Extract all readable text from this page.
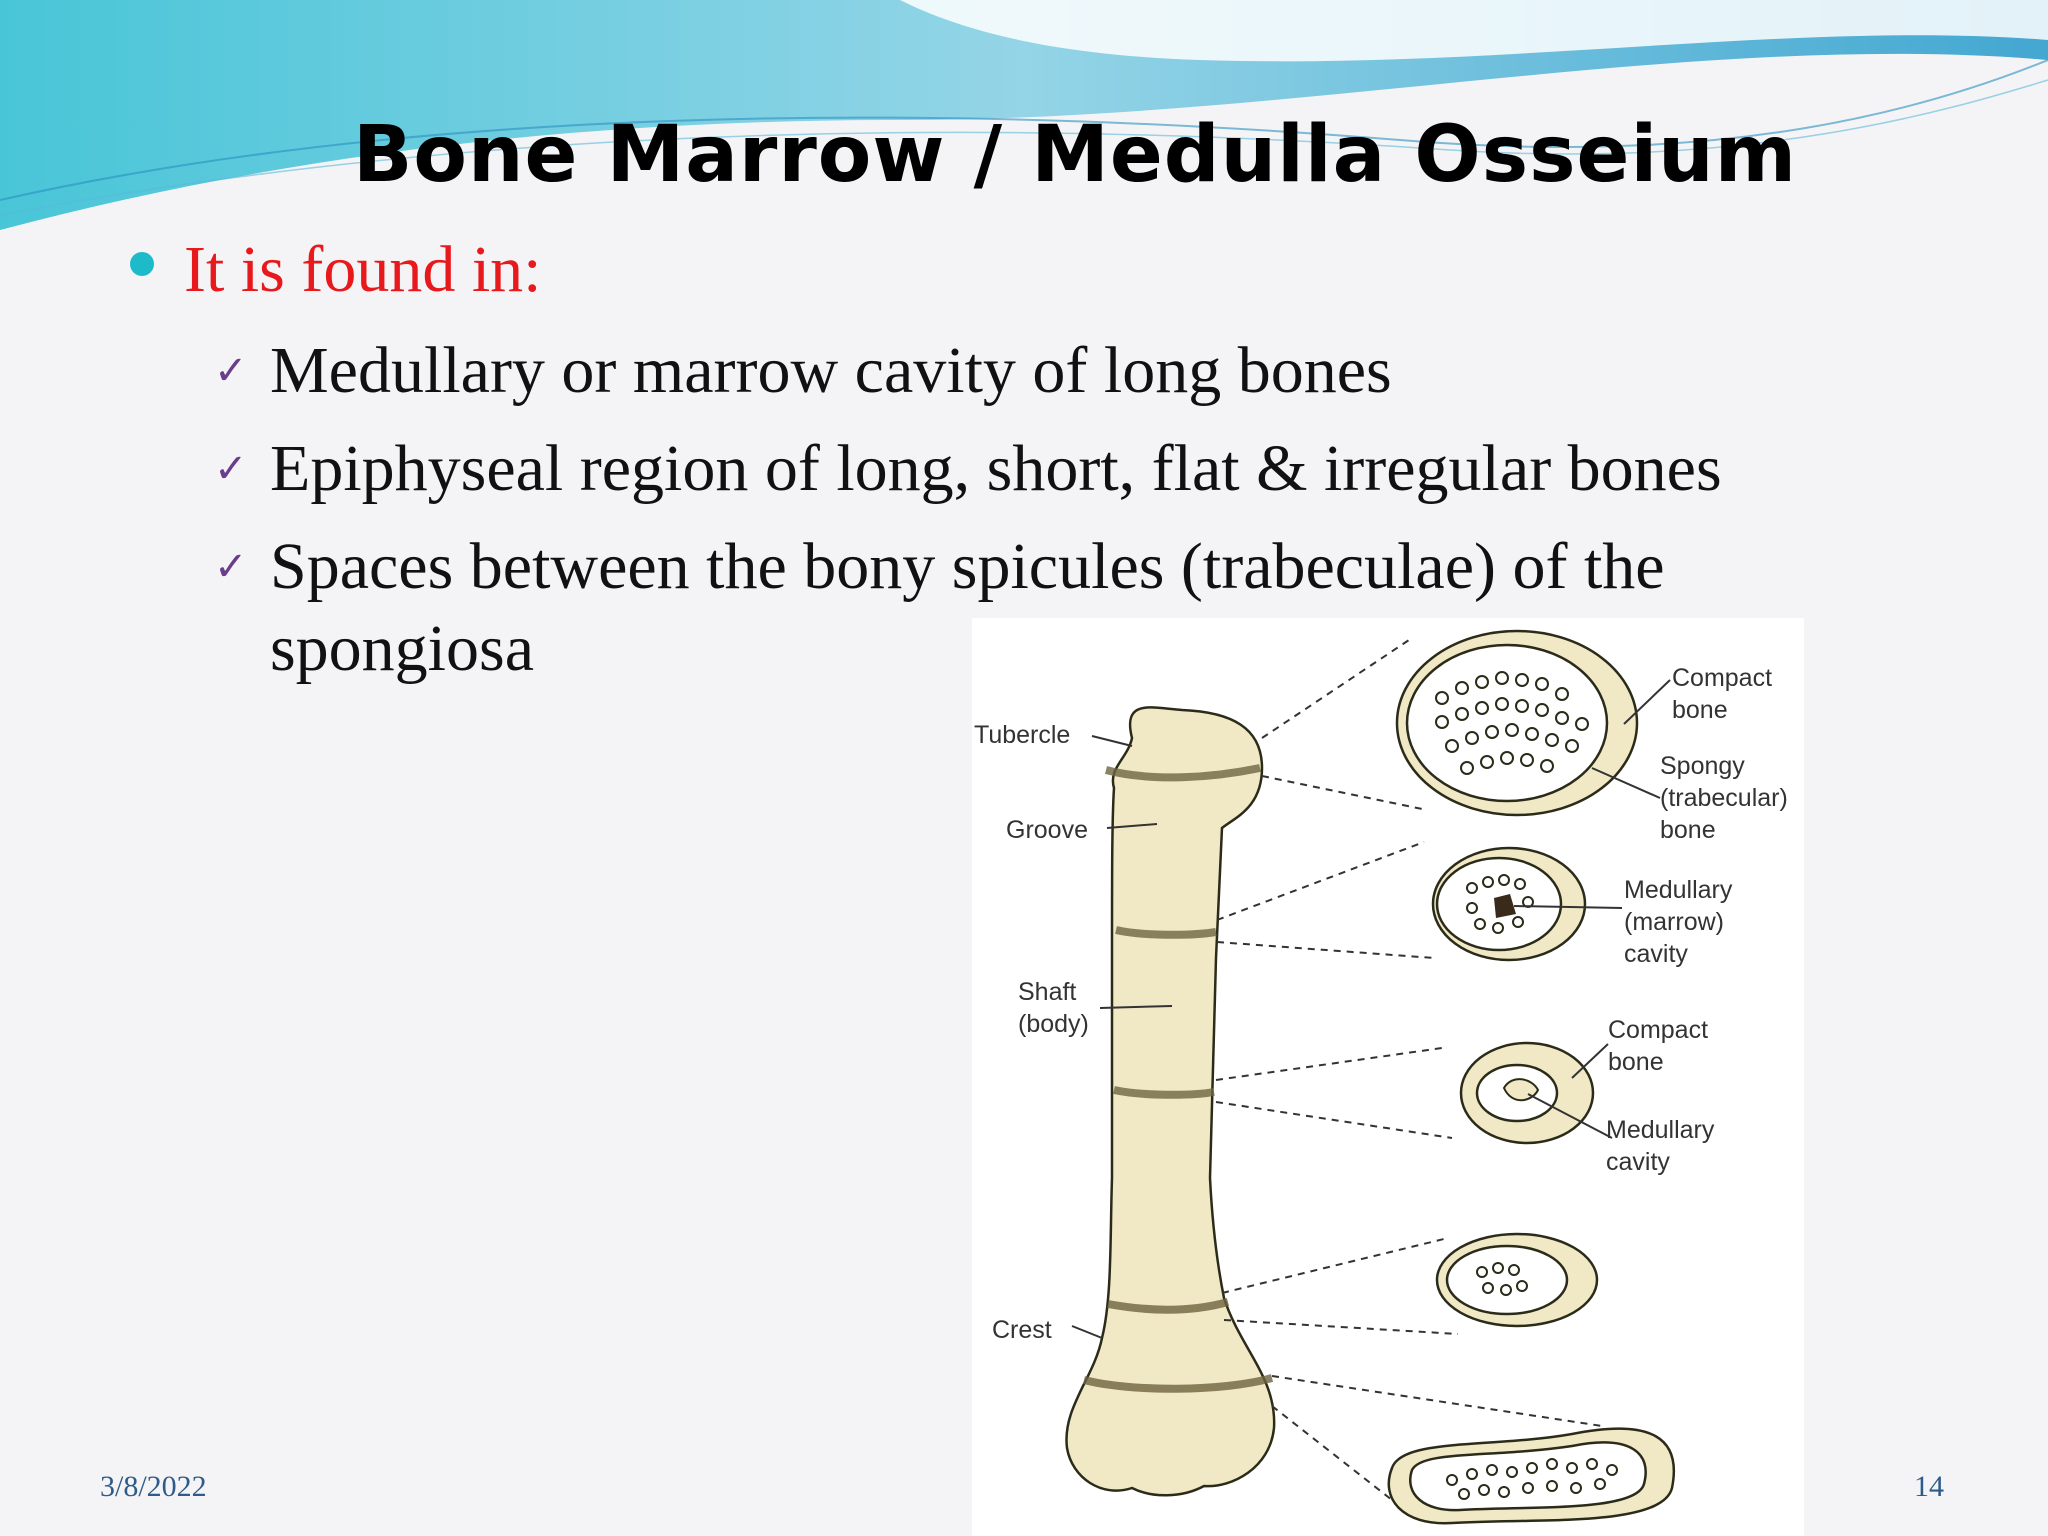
Bone Marrow / Medulla Osseium
It is found in:
✓ Medullary or marrow cavity of long bones
✓ Epiphyseal region of long, short, flat & irregular bones
✓ Spaces between the bony spicules (trabeculae) of the spongiosa
Tubercle
Groove
Shaft
(body)
Crest
Compact
bone
Spongy
(trabecular)
bone
Medullary
(marrow)
cavity
Compact
bone
Medullary
cavity
3/8/2022	14
